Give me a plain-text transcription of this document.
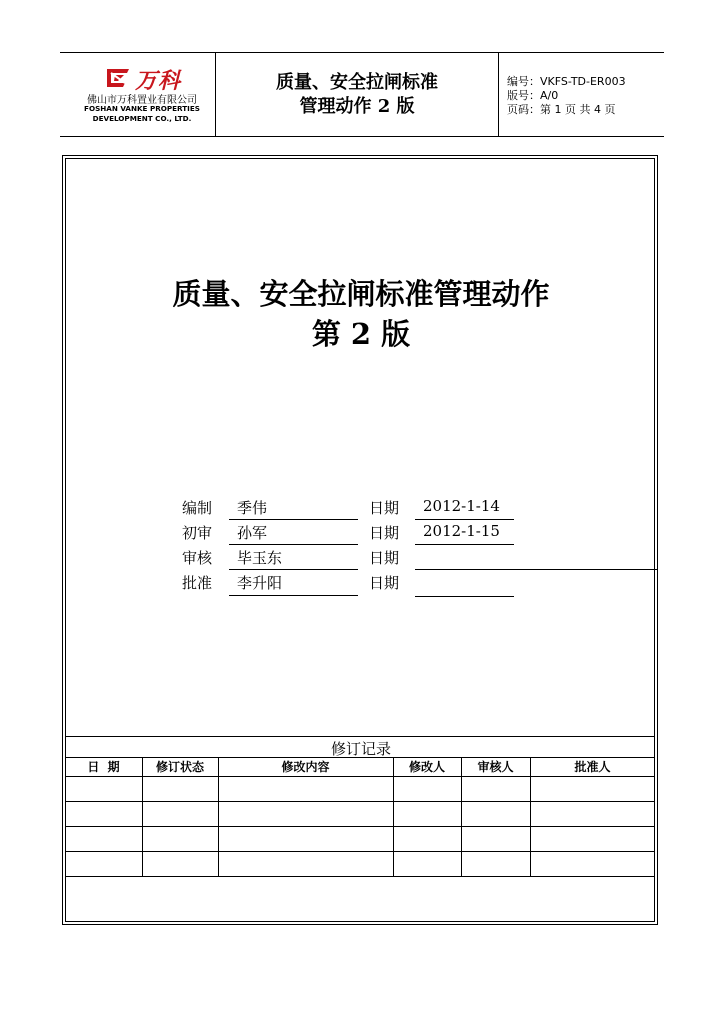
万科
佛山市万科置业有限公司
FOSHAN VANKE PROPERTIES
DEVELOPMENT CO., LTD.
质量、安全拉闸标准
管理动作 2 版
编号：VKFS-TD-ER003
版号：A/0
页码：第 1 页 共 4 页
质量、安全拉闸标准管理动作
第 2 版
编制 季伟	日期 2012-1-14
初审 孙军	日期 2012-1-15
审核 毕玉东	日期
批准 李升阳	日期
修订记录
日  期	修订状态	修改内容	修改人	审核人	批准人
